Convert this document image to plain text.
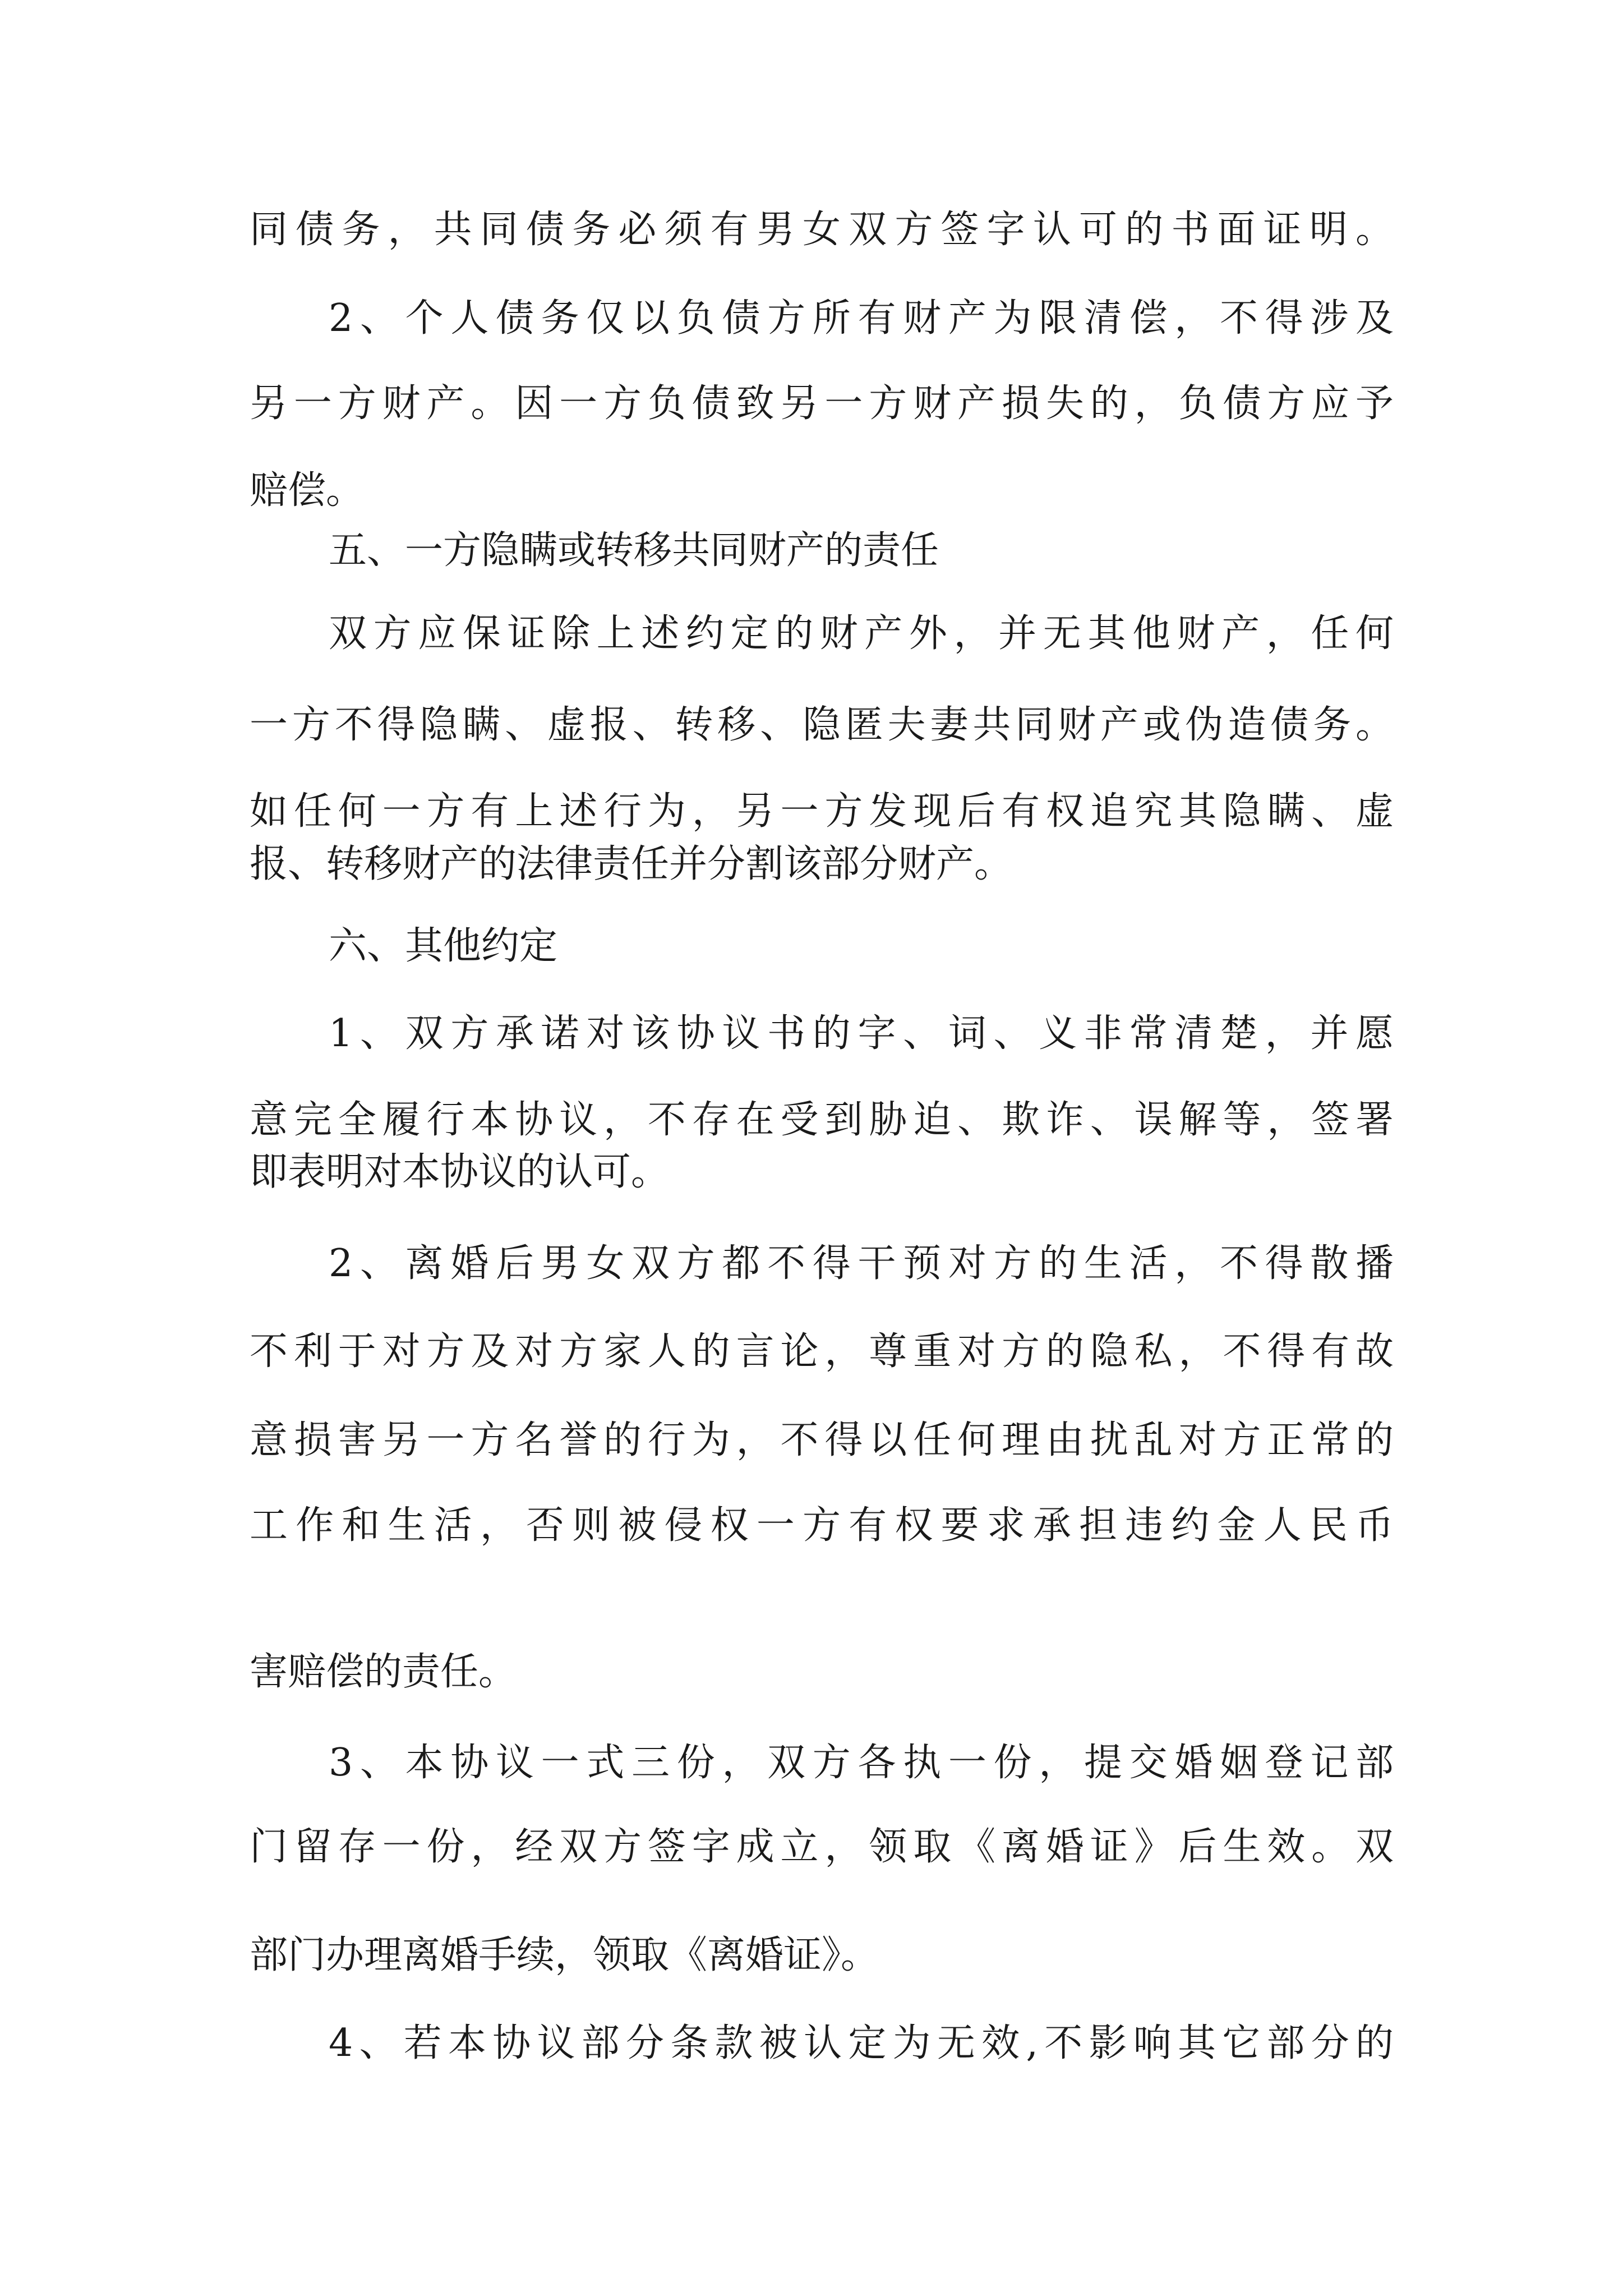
同债务，共同债务必须有男女双方签字认可的书面证明。
2、个人债务仅以负债方所有财产为限清偿，不得涉及
另一方财产。因一方负债致另一方财产损失的，负债方应予
赔偿。
五、一方隐瞒或转移共同财产的责任
双方应保证除上述约定的财产外，并无其他财产，任何
一方不得隐瞒、虚报、转移、隐匿夫妻共同财产或伪造债务。
如任何一方有上述行为，另一方发现后有权追究其隐瞒、虚
报、转移财产的法律责任并分割该部分财产。
六、其他约定
1、双方承诺对该协议书的字、词、义非常清楚，并愿
意完全履行本协议，不存在受到胁迫、欺诈、误解等，签署
即表明对本协议的认可。
2、离婚后男女双方都不得干预对方的生活，不得散播
不利于对方及对方家人的言论，尊重对方的隐私，不得有故
意损害另一方名誉的行为，不得以任何理由扰乱对方正常的
工作和生活，否则被侵权一方有权要求承担违约金人民币

害赔偿的责任。
3、本协议一式三份，双方各执一份，提交婚姻登记部
门留存一份，经双方签字成立，领取《离婚证》后生效。双

部门办理离婚手续，领取《离婚证》。
4、若本协议部分条款被认定为无效,不影响其它部分的
